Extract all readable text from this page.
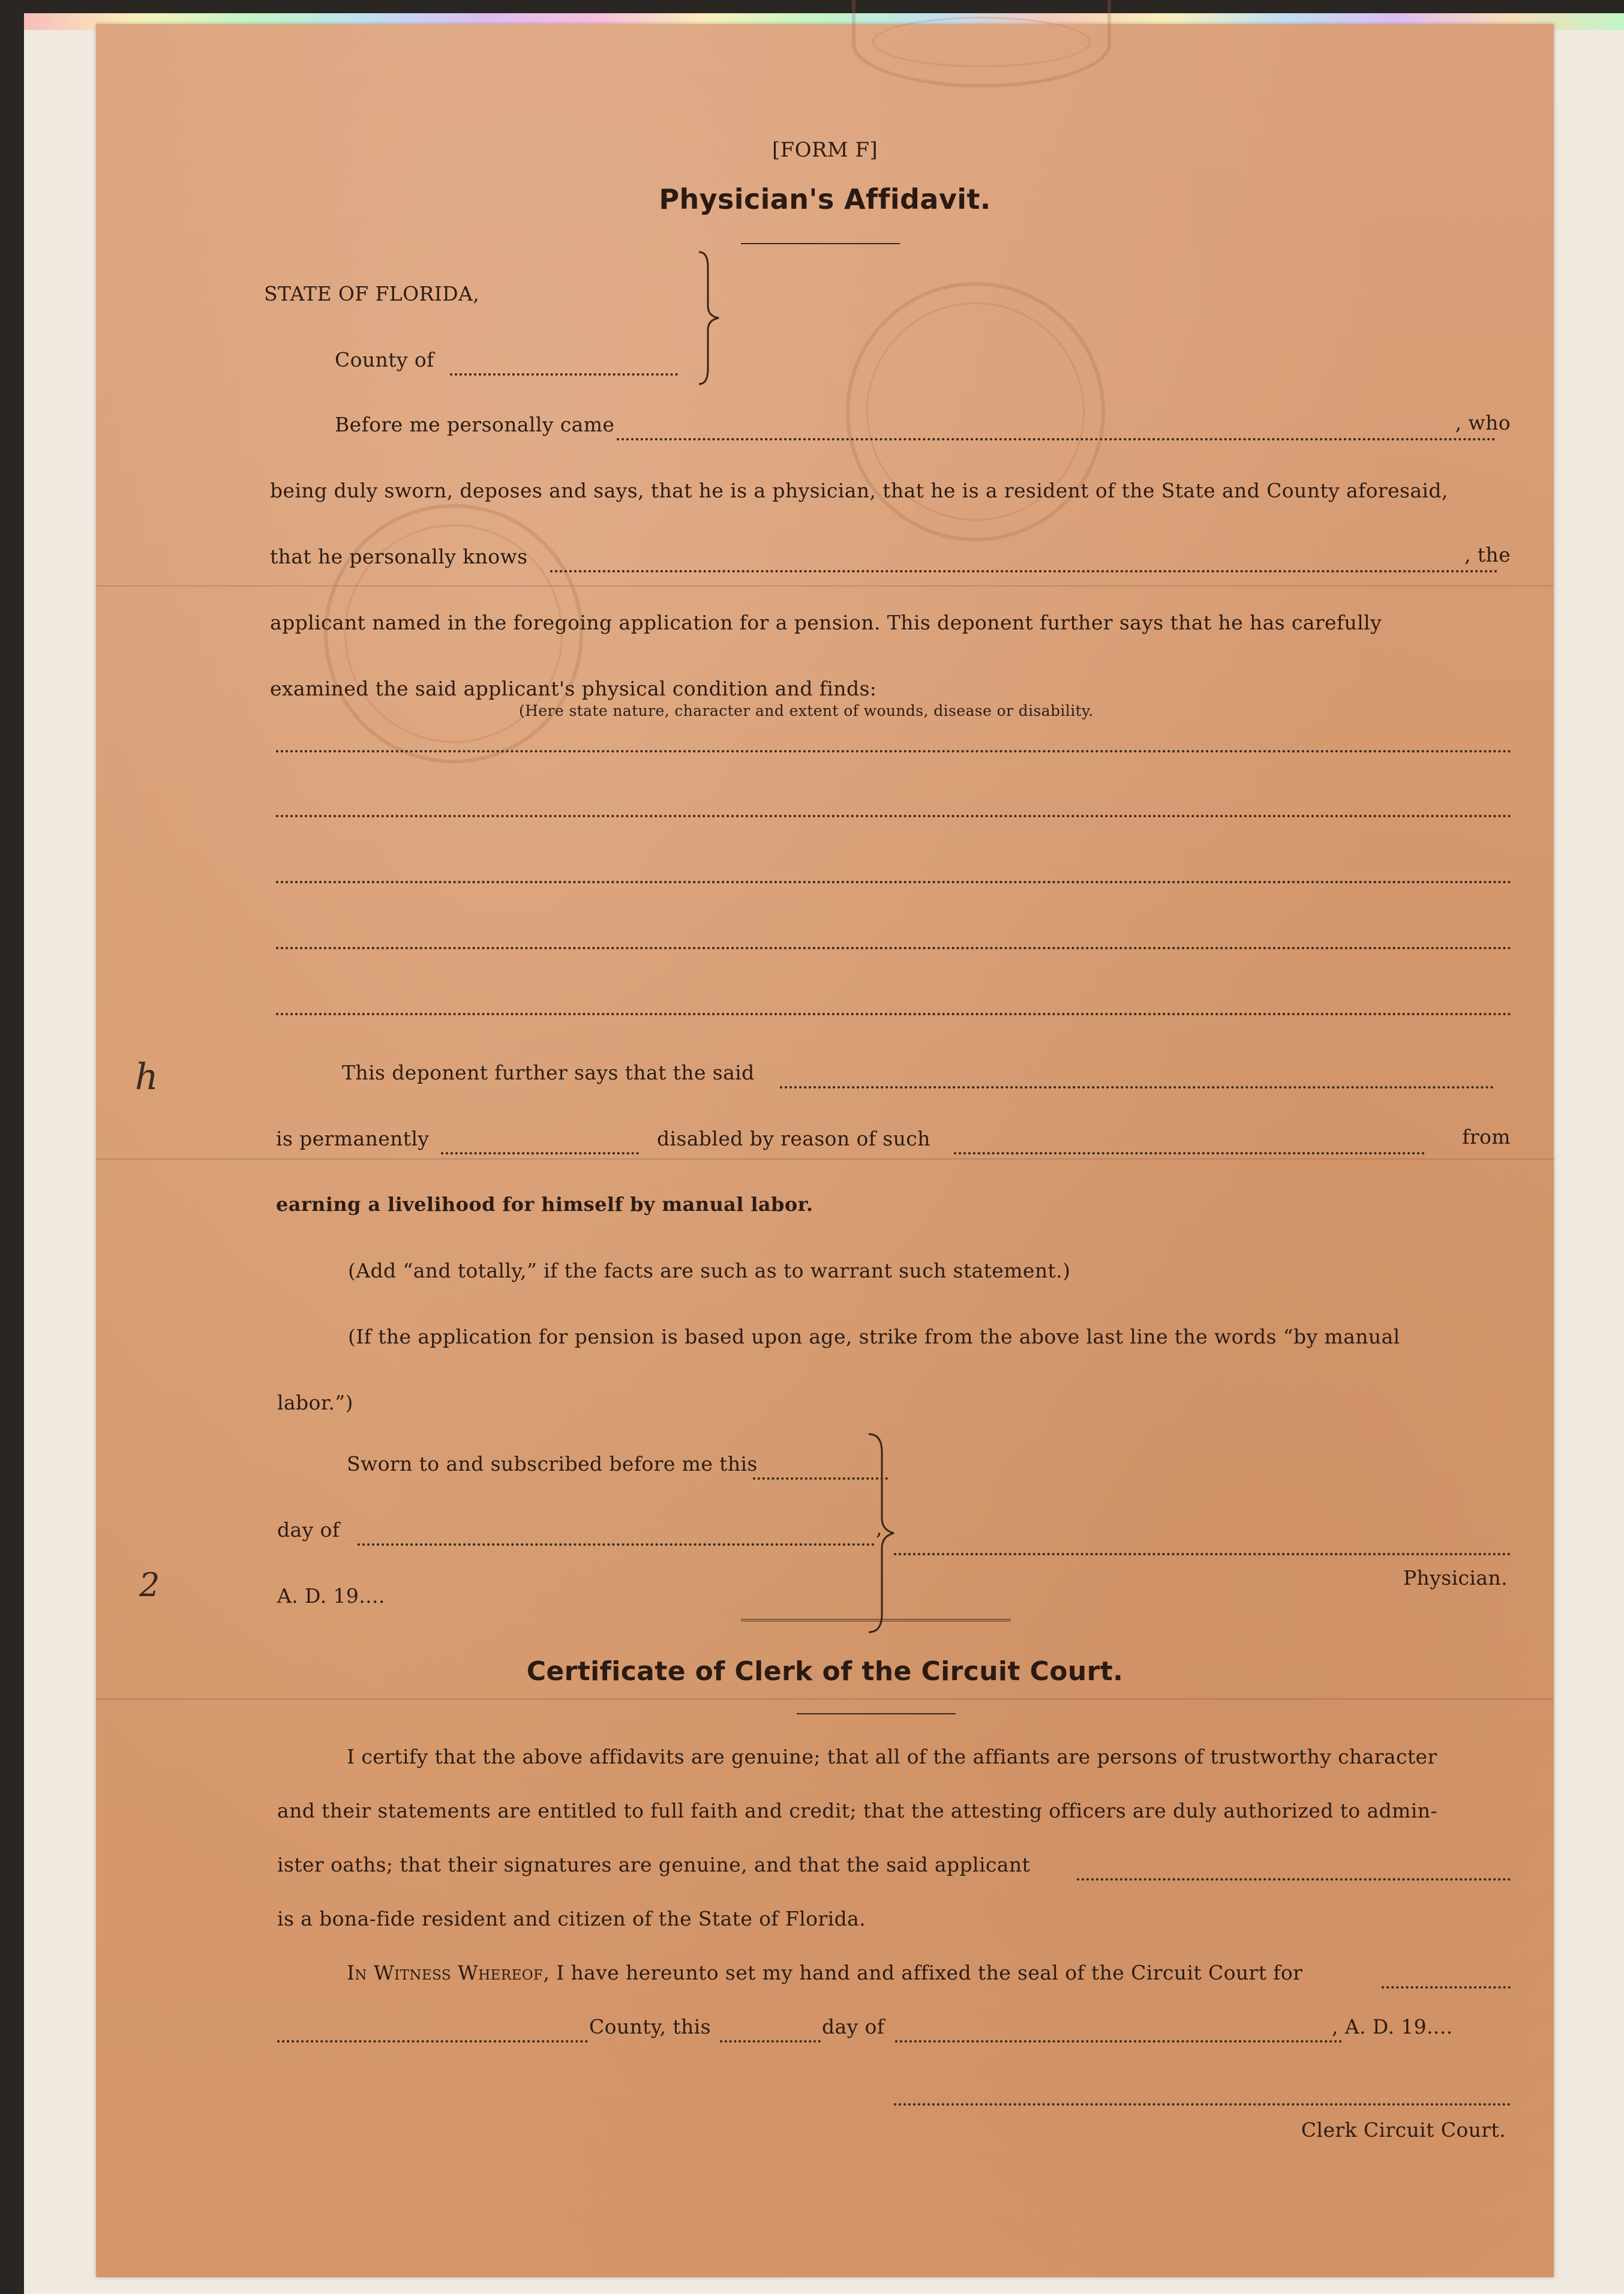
[FORM F]
Physician's Affidavit.
STATE OF FLORIDA,
County of
Before me personally came	, who
being duly sworn, deposes and says, that he is a physician, that he is a resident of the State and County aforesaid,
that he personally knows	, the
applicant named in the foregoing application for a pension. This deponent further says that he has carefully
examined the said applicant's physical condition and finds:
(Here state nature, character and extent of wounds, disease or disability.
This deponent further says that the said
is permanently	disabled by reason of such	from
earning a livelihood for himself by manual labor.
(Add “and totally,” if the facts are such as to warrant such statement.)
(If the application for pension is based upon age, strike from the above last line the words “by manual
labor.”)
Sworn to and subscribed before me this
day of	,
A. D. 19....
Physician.
Certificate of Clerk of the Circuit Court.
I certify that the above affidavits are genuine; that all of the affiants are persons of trustworthy character
and their statements are entitled to full faith and credit; that the attesting officers are duly authorized to admin-
ister oaths; that their signatures are genuine, and that the said applicant
is a bona-fide resident and citizen of the State of Florida.
In Witness Whereof, I have hereunto set my hand and affixed the seal of the Circuit Court for
County, this	day of	, A. D. 19....
Clerk Circuit Court.
h
2
